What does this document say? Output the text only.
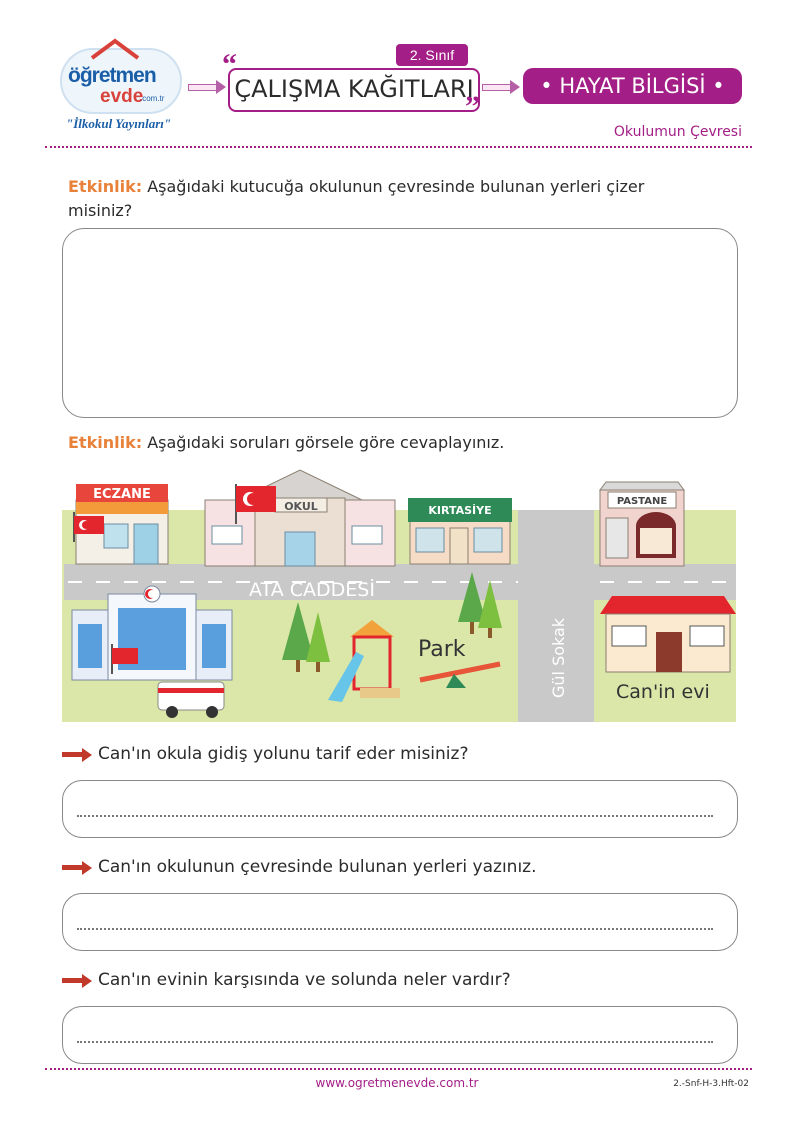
öğretmen
evde
.com.tr
"İlkokul Yayınları"
2. Sınıf
“
”
ÇALIŞMA KAĞITLARI	• HAYAT BİLGİSİ •
Okulumun Çevresi
Etkinlik: Aşağıdaki kutucuğa okulunun çevresinde bulunan yerleri çizer misiniz?
Etkinlik: Aşağıdaki soruları görsele göre cevaplayınız.
ECZANE
OKUL	KIRTASİYE
PASTANE
Park
ATA CADDESİ
Gül Sokak	Can'in evi
Can'ın okula gidiş yolunu tarif eder misiniz?
Can'ın okulunun çevresinde bulunan yerleri yazınız.
Can'ın evinin karşısında ve solunda neler vardır?
www.ogretmenevde.com.tr	2.-Snf-H-3.Hft-02
